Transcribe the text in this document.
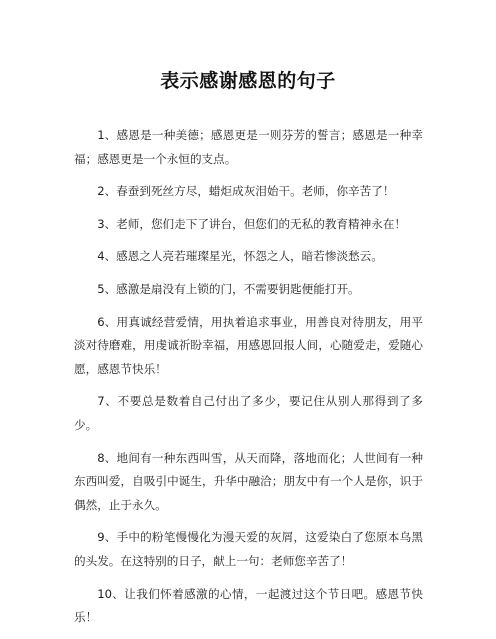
表示感谢感恩的句子

1、感恩是一种美德；感恩更是一则芬芳的誓言；感恩是一种幸福；感恩更是一个永恒的支点。

2、春蚕到死丝方尽，蜡炬成灰泪始干。老师，你辛苦了！

3、老师，您们走下了讲台，但您们的无私的教育精神永在！

4、感恩之人亮若璀璨星光，怀怨之人，暗若惨淡愁云。

5、感激是扇没有上锁的门，不需要钥匙便能打开。

6、用真诚经营爱情，用执着追求事业，用善良对待朋友，用平淡对待磨难，用虔诚祈盼幸福，用感恩回报人间，心随爱走，爱随心愿，感恩节快乐！

7、不要总是数着自己付出了多少，要记住从别人那得到了多少。

8、地间有一种东西叫雪，从天而降，落地而化；人世间有一种东西叫爱，自吸引中诞生，升华中融洽；朋友中有一个人是你，识于偶然，止于永久。

9、手中的粉笔慢慢化为漫天爱的灰屑，这爱染白了您原本乌黑的头发。在这特别的日子，献上一句：老师您辛苦了！

10、让我们怀着感激的心情，一起渡过这个节日吧。感恩节快乐！
